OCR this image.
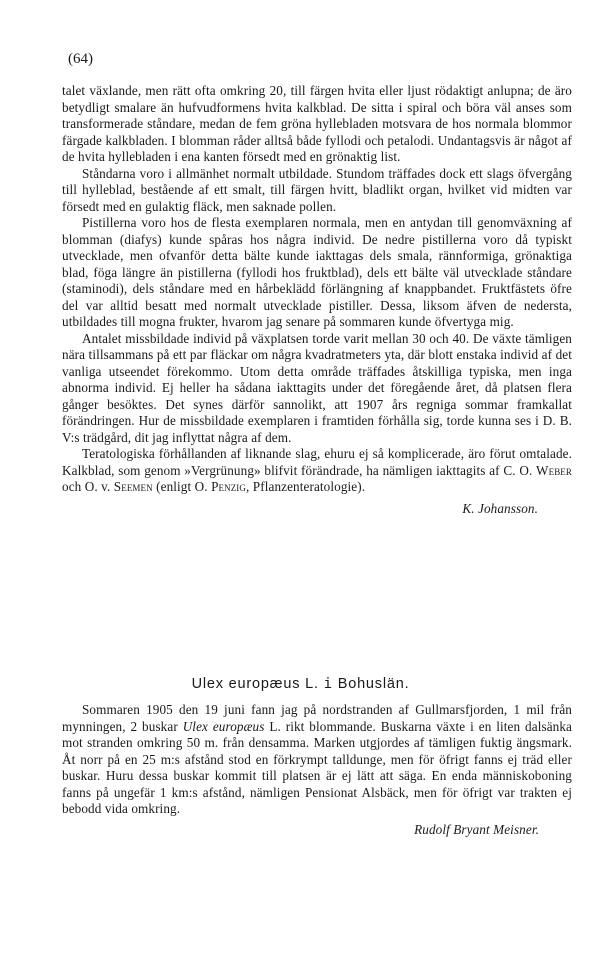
(64)

talet växlande, men rätt ofta omkring 20, till färgen hvita eller ljust rödaktigt anlupna; de äro betydligt smalare än hufvudformens hvita kalkblad. De sitta i spiral och böra väl anses som transformerade ståndare, medan de fem gröna hyllebladen motsvara de hos normala blommor färgade kalkbladen. I blomman råder alltså både fyllodi och petalodi. Undantagsvis är något af de hvita hyllebladen i ena kanten försedt med en grönaktig list.

Ståndarna voro i allmänhet normalt utbildade. Stundom träffades dock ett slags öfvergång till hylleblad, bestående af ett smalt, till färgen hvitt, bladlikt organ, hvilket vid midten var försedt med en gulaktig fläck, men saknade pollen.

Pistillerna voro hos de flesta exemplaren normala, men en antydan till genomväxning af blomman (diafys) kunde spåras hos några individ. De nedre pistillerna voro då typiskt utvecklade, men ofvanför detta bälte kunde iakttagas dels smala, rännformiga, grönaktiga blad, föga längre än pistillerna (fyllodi hos fruktblad), dels ett bälte väl utvecklade ståndare (staminodi), dels ståndare med en hårbeklädd förlängning af knappbandet. Fruktfästets öfre del var alltid besatt med normalt utvecklade pistiller. Dessa, liksom äfven de nedersta, utbildades till mogna frukter, hvarom jag senare på sommaren kunde öfvertyga mig.

Antalet missbildade individ på växplatsen torde varit mellan 30 och 40. De växte tämligen nära tillsammans på ett par fläckar om några kvadratmeters yta, där blott enstaka individ af det vanliga utseendet förekommo. Utom detta område träffades åtskilliga typiska, men inga abnorma individ. Ej heller ha sådana iakttagits under det föregående året, då platsen flera gånger besöktes. Det synes därför sannolikt, att 1907 års regniga sommar framkallat förändringen. Hur de missbildade exemplaren i framtiden förhålla sig, torde kunna ses i D. B. V:s trädgård, dit jag inflyttat några af dem.

Teratologiska förhållanden af liknande slag, ehuru ej så komplicerade, äro förut omtalade. Kalkblad, som genom »Vergrünung» blifvit förändrade, ha nämligen iakttagits af C. O. Weber och O. v. Seemen (enligt O. Penzig, Pflanzenteratologie).

K. Johansson.
Ulex europæus L. i Bohuslän.

Sommaren 1905 den 19 juni fann jag på nordstranden af Gullmarsfjorden, 1 mil från mynningen, 2 buskar Ulex europæus L. rikt blommande. Buskarna växte i en liten dalsänka mot stranden omkring 50 m. från densamma. Marken utgjordes af tämligen fuktig ängsmark. Åt norr på en 25 m:s afstånd stod en förkrympt talldunge, men för öfrigt fanns ej träd eller buskar. Huru dessa buskar kommit till platsen är ej lätt att säga. En enda människoboning fanns på ungefär 1 km:s afstånd, nämligen Pensionat Alsbäck, men för öfrigt var trakten ej bebodd vida omkring.

Rudolf Bryant Meisner.
